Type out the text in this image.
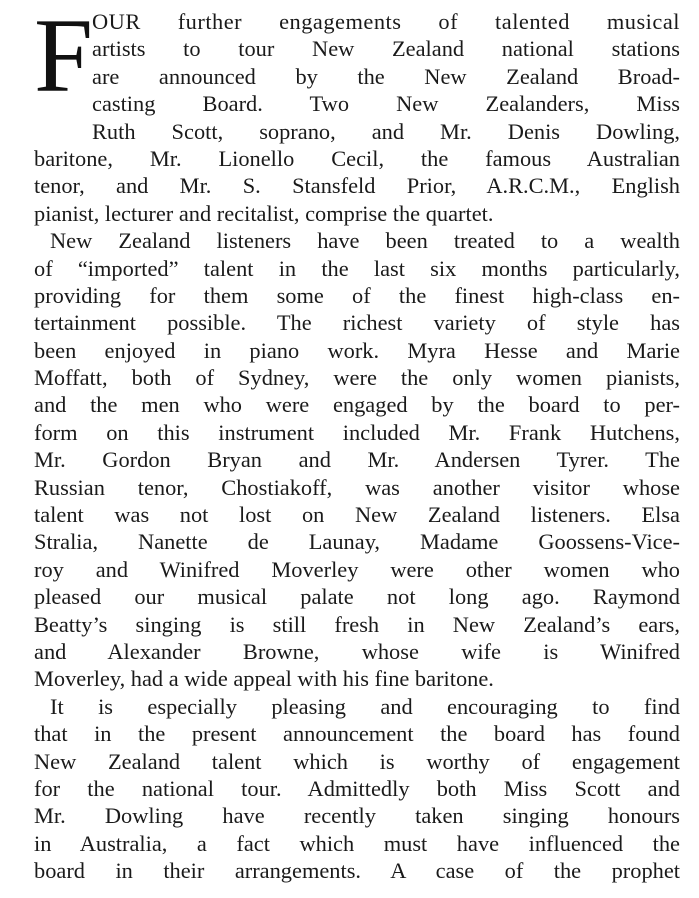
F OUR further engagements of talented musical
artists to tour New Zealand national stations
are announced by the New Zealand Broad-
casting Board. Two New Zealanders, Miss
Ruth Scott, soprano, and Mr. Denis Dowling,
baritone, Mr. Lionello Cecil, the famous Australian
tenor, and Mr. S. Stansfeld Prior, A.R.C.M., English
pianist, lecturer and recitalist, comprise the quartet.
New Zealand listeners have been treated to a wealth
of “imported” talent in the last six months particularly,
providing for them some of the finest high-class en-
tertainment possible. The richest variety of style has
been enjoyed in piano work. Myra Hesse and Marie
Moffatt, both of Sydney, were the only women pianists,
and the men who were engaged by the board to per-
form on this instrument included Mr. Frank Hutchens,
Mr. Gordon Bryan and Mr. Andersen Tyrer. The
Russian tenor, Chostiakoff, was another visitor whose
talent was not lost on New Zealand listeners. Elsa
Stralia, Nanette de Launay, Madame Goossens-Vice-
roy and Winifred Moverley were other women who
pleased our musical palate not long ago. Raymond
Beatty’s singing is still fresh in New Zealand’s ears,
and Alexander Browne, whose wife is Winifred
Moverley, had a wide appeal with his fine baritone.
It is especially pleasing and encouraging to find
that in the present announcement the board has found
New Zealand talent which is worthy of engagement
for the national tour. Admittedly both Miss Scott and
Mr. Dowling have recently taken singing honours
in Australia, a fact which must have influenced the
board in their arrangements. A case of the prophet
